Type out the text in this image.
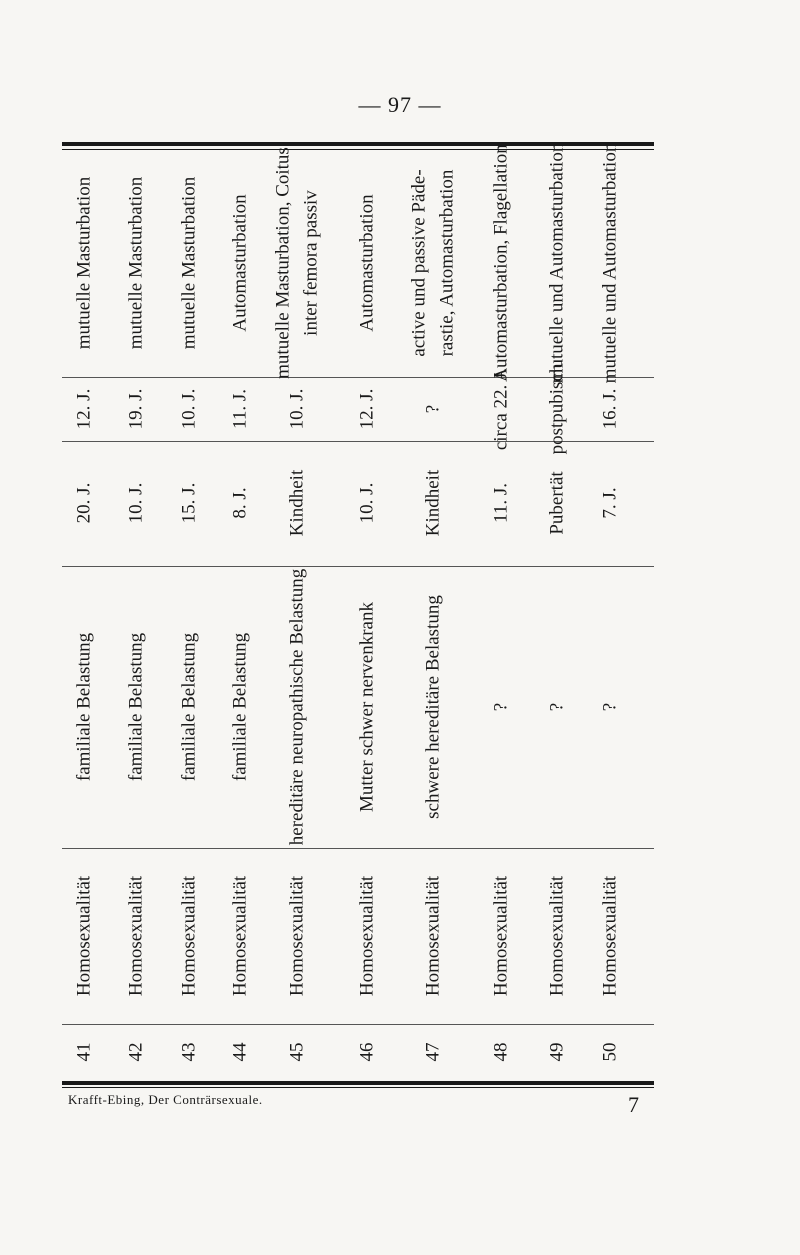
— 97 —
mutuelle Masturbation
12. J.
20. J.
familiale Belastung
Homosexualität
41
mutuelle Masturbation
19. J.
10. J.
familiale Belastung
Homosexualität
42
mutuelle Masturbation
10. J.
15. J.
familiale Belastung
Homosexualität
43
Automasturbation
11. J.
8. J.
familiale Belastung
Homosexualität
44
mutuelle Masturbation, Coitus inter femora passiv
10. J.
Kindheit
hereditäre neuropathische Belastung
Homosexualität
45
Automasturbation
12. J.
10. J.
Mutter schwer nervenkrank
Homosexualität
46
active und passive Päde- rastie, Automasturbation
?
Kindheit
schwere hereditäre Belastung
Homosexualität
47
Automasturbation, Flagellation
circa 22. J.
11. J.
?
Homosexualität
48
mutuelle und Automasturbation
postpubisch
Pubertät
?
Homosexualität
49
mutuelle und Automasturbation
16. J.
7. J.
?
Homosexualität
50
Krafft-Ebing, Der Conträrsexuale.	7
